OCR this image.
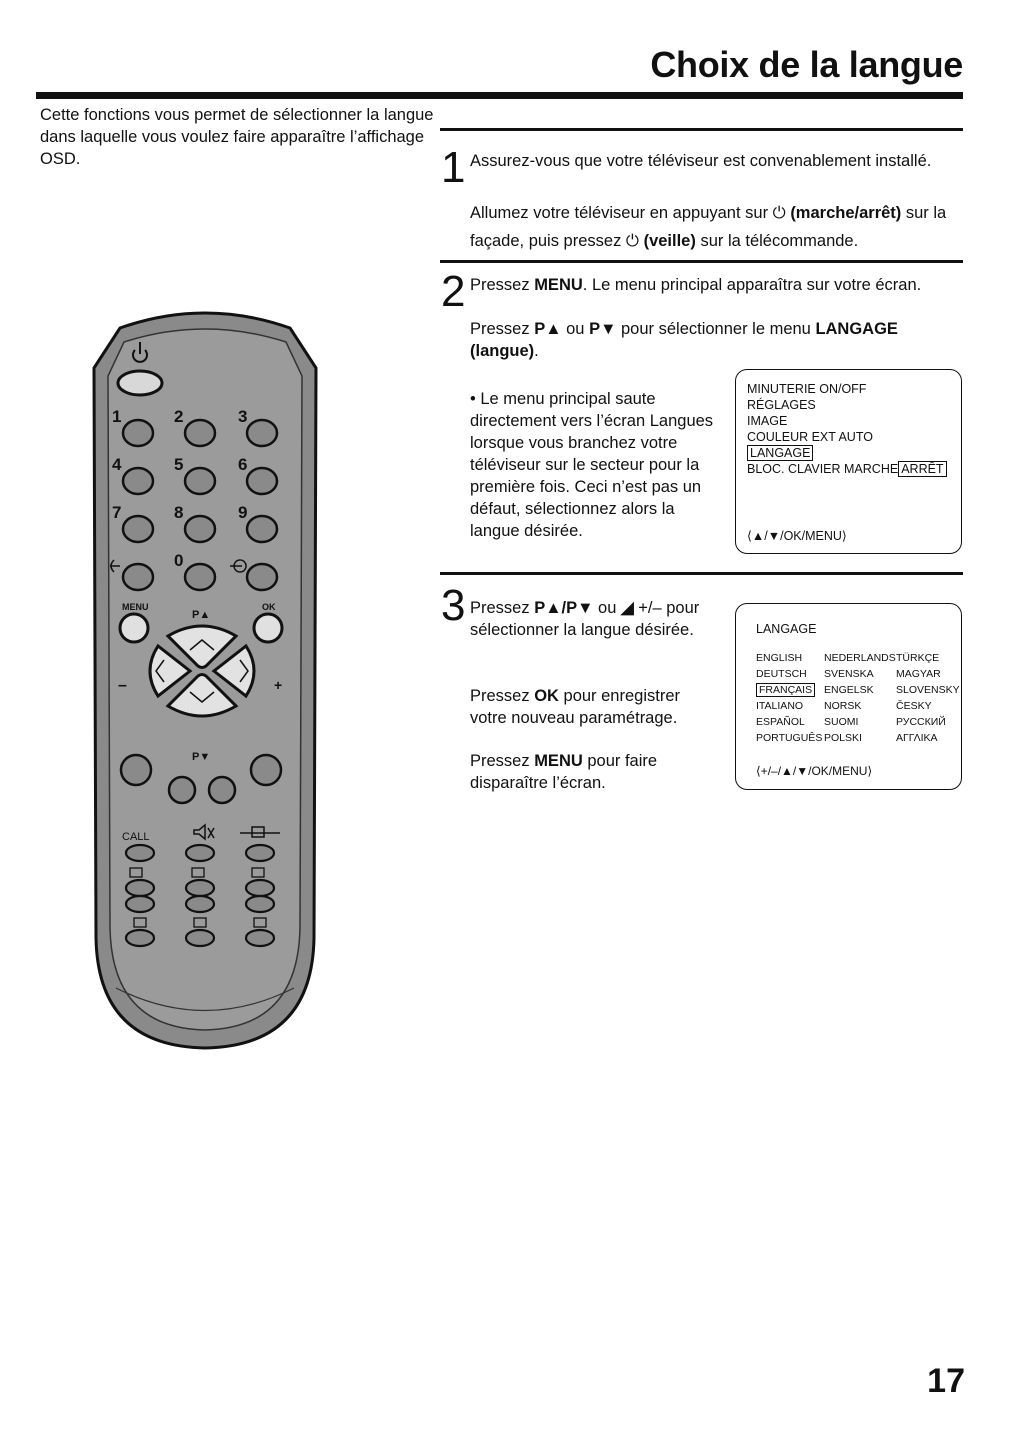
Choix de la langue

Cette fonctions vous permet de sélectionner la langue dans laquelle vous voulez faire apparaître l’affichage OSD.	1 Assurez-vous que votre téléviseur est convenablement installé.

Allumez votre téléviseur en appuyant sur ⏻ (marche/arrêt) sur la façade, puis pressez ⏻ (veille) sur la télécommande.

2 Pressez MENU. Le menu principal apparaîtra sur votre écran.

Pressez P▲ ou P▼ pour sélectionner le menu LANGAGE (langue).

• Le menu principal saute directement vers l’écran Langues lorsque vous branchez votre téléviseur sur le secteur pour la première fois. Ceci n’est pas un défaut, sélectionnez alors la langue désirée.

MINUTERIE ON/OFF
RÉGLAGES
IMAGE
COULEUR EXT AUTO
LANGAGE
BLOC. CLAVIER MARCHE ARRÊT
⟨▲/▼/OK/MENU⟩
3 Pressez P▲/P▼ ou ◢ +/– pour sélectionner la langue désirée.

Pressez OK pour enregistrer votre nouveau paramétrage.

Pressez MENU pour faire disparaître l’écran.

LANGAGE
ENGLISH	NEDERLANDS TÜRKÇE
DEUTSCH	SVENSKA	MAGYAR
FRANÇAIS	ENGELSK	SLOVENSKY
ITALIANO	NORSK	ČESKY
ESPAÑOL	SUOMI	РУССКИЙ
PORTUGUÊS POLSKI	ΑΓΓΛΙΚΑ
⟨+/–/▲/▼/OK/MENU⟩
1	2	3
4	5	6
7	8	9
0
MENU	OK
P▲
–	+
P▼
CALL

17
